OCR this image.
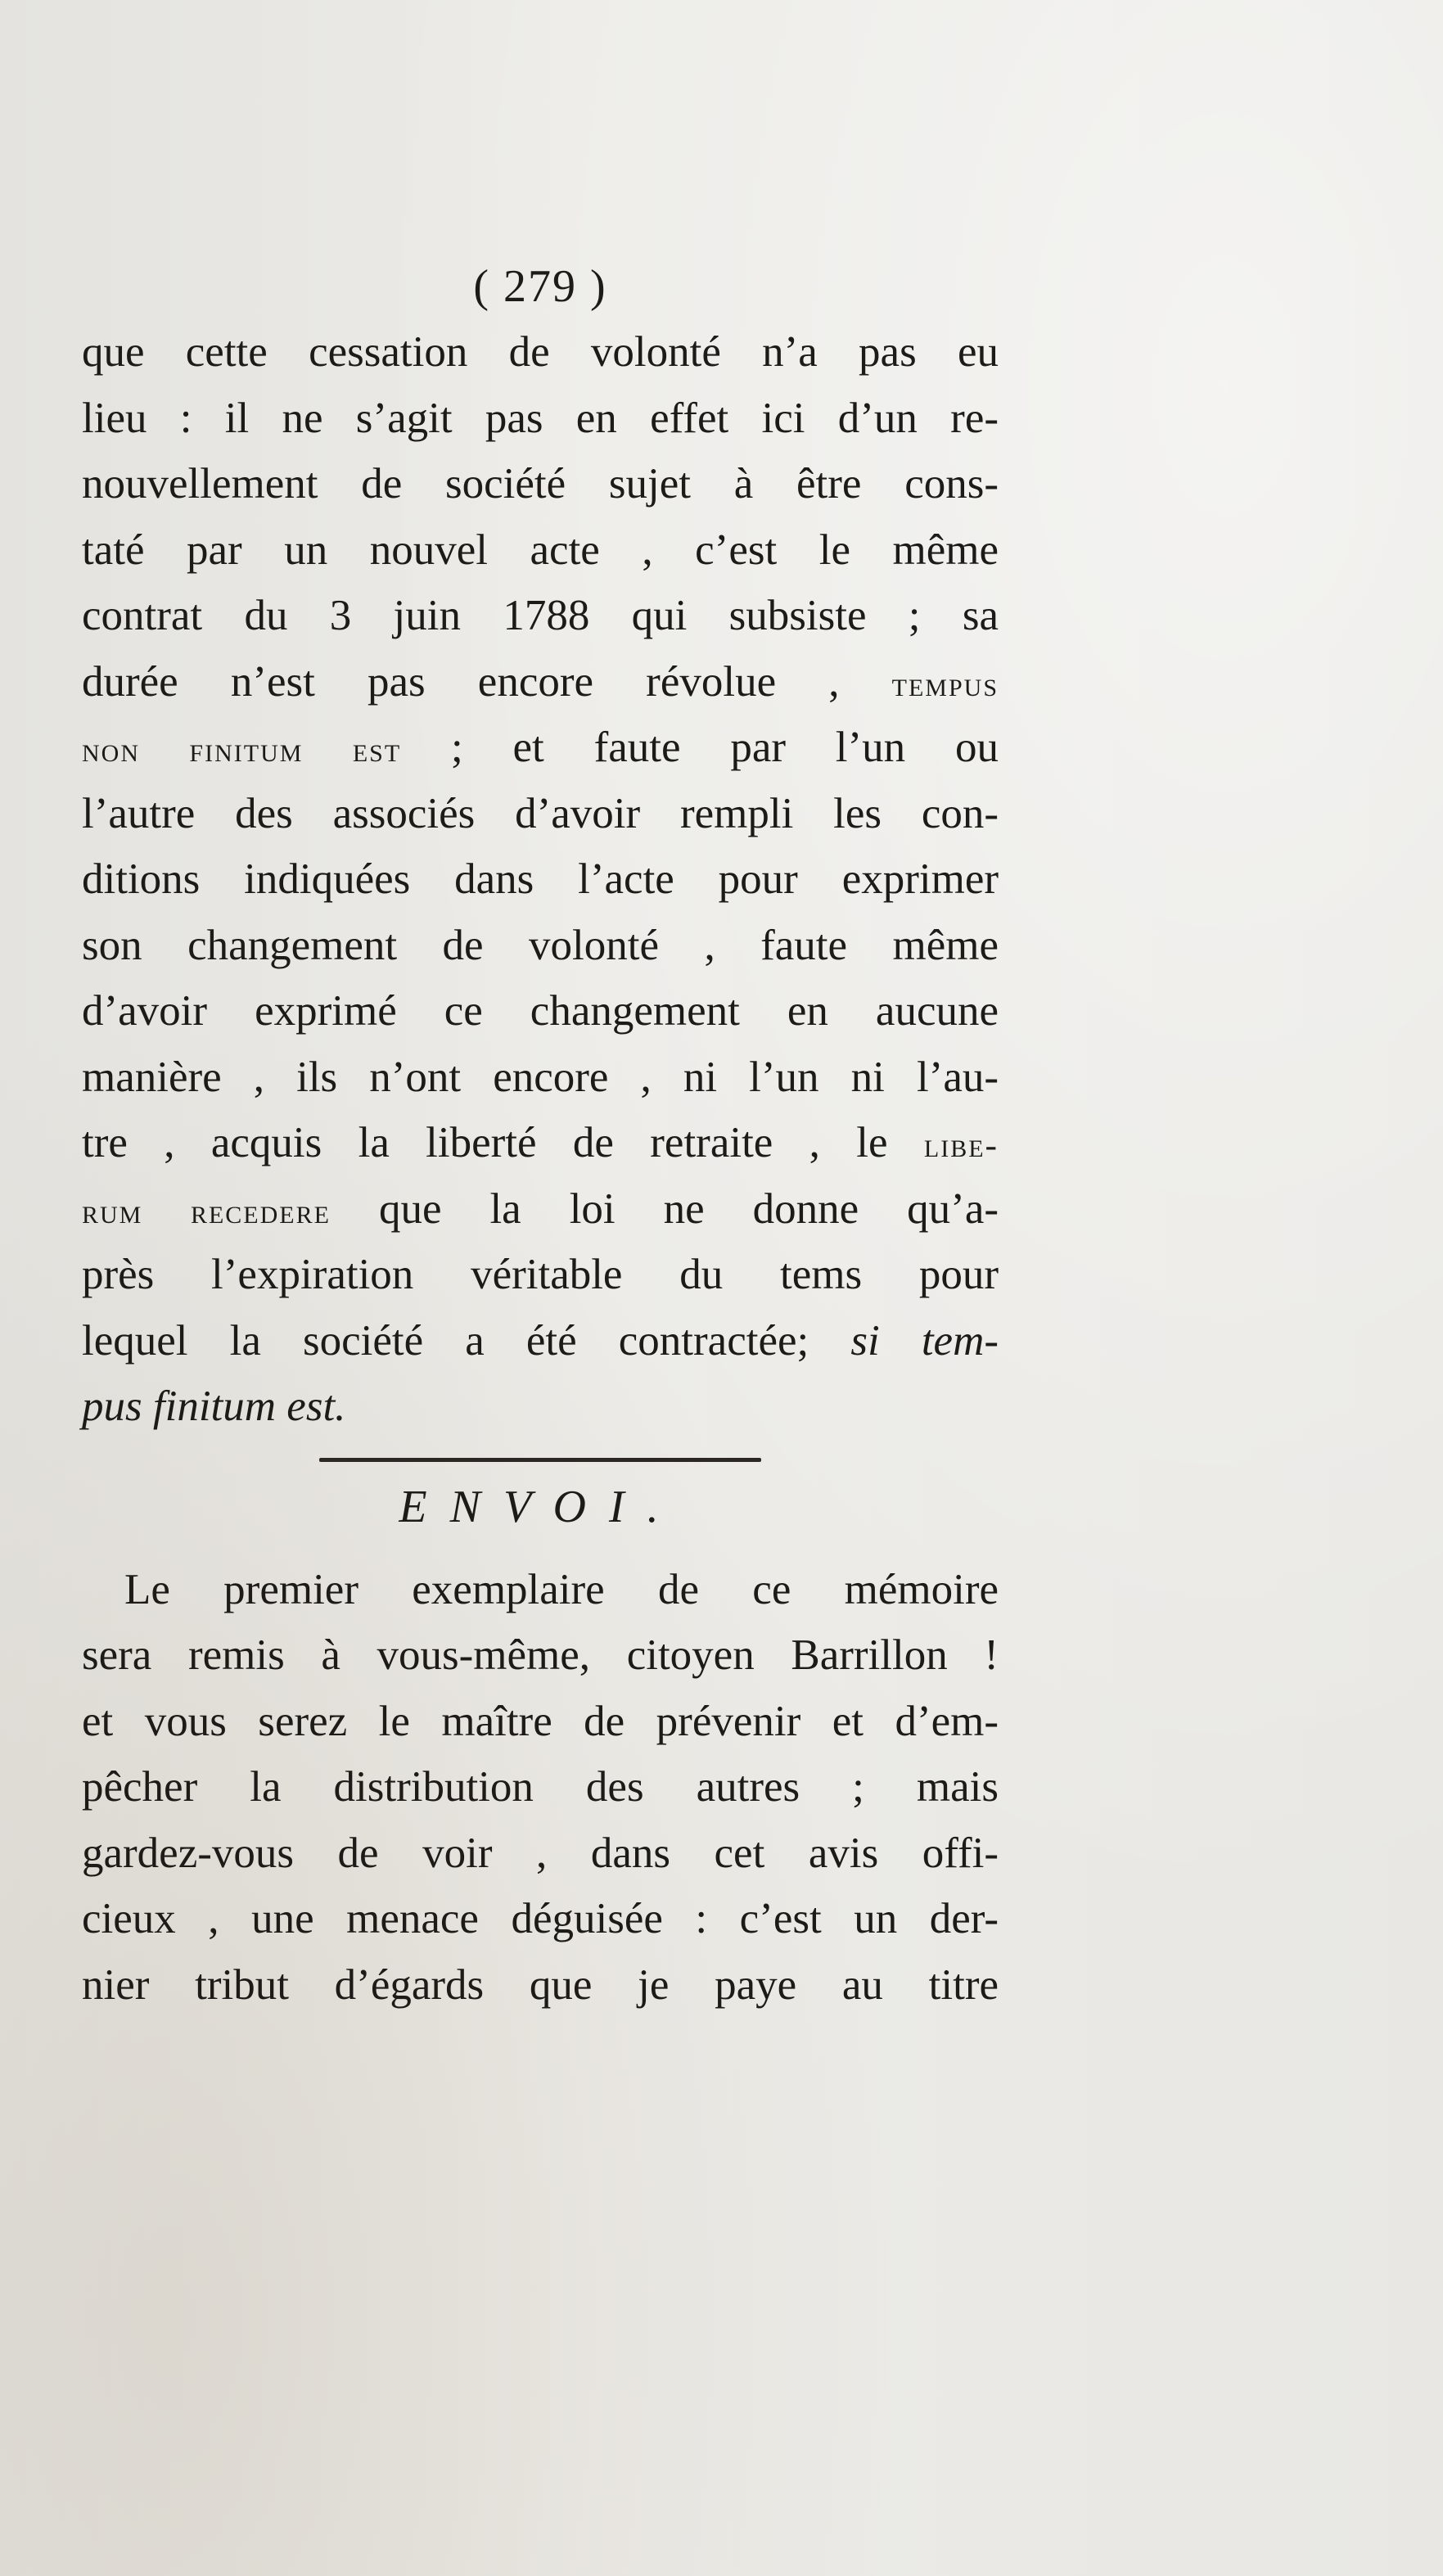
( 279 )
que cette cessation de volonté n’a pas eu
lieu : il ne s’agit pas en effet ici d’un re-
nouvellement de société sujet à être cons-
taté par un nouvel acte , c’est le même
contrat du 3 juin 1788 qui subsiste ; sa
durée n’est pas encore révolue , tempus
non finitum est ; et faute par l’un ou
l’autre des associés d’avoir rempli les con-
ditions indiquées dans l’acte pour exprimer
son changement de volonté , faute même
d’avoir exprimé ce changement en aucune
manière , ils n’ont encore , ni l’un ni l’au-
tre , acquis la liberté de retraite , le libe-
rum recedere que la loi ne donne qu’a-
près l’expiration véritable du tems pour
lequel la société a été contractée; si tem-
pus finitum est.
ENVOI.
Le premier exemplaire de ce mémoire
sera remis à vous-même, citoyen Barrillon !
et vous serez le maître de prévenir et d’em-
pêcher la distribution des autres ; mais
gardez-vous de voir , dans cet avis offi-
cieux , une menace déguisée : c’est un der-
nier tribut d’égards que je paye au titre
